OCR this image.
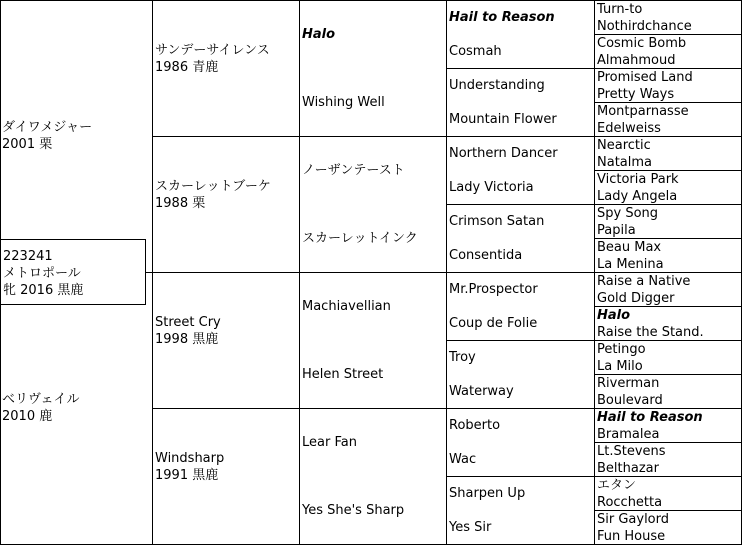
223241
メトロポール
牝 2016 黒鹿
ダイワメジャー
2001 栗
ベリヴェイル
2010 鹿
サンデーサイレンス
1986 青鹿
スカーレットブーケ
1988 栗
Street Cry
1998 黒鹿
Windsharp
1991 黒鹿
Halo
Wishing Well
ノーザンテースト
スカーレットインク
Machiavellian
Helen Street
Lear Fan
Yes She's Sharp
Hail to Reason
Cosmah
Understanding
Mountain Flower
Northern Dancer
Lady Victoria
Crimson Satan
Consentida
Mr.Prospector
Coup de Folie
Troy
Waterway
Roberto
Wac
Sharpen Up
Yes Sir
Turn-to
Nothirdchance
Cosmic Bomb
Almahmoud
Promised Land
Pretty Ways
Montparnasse
Edelweiss
Nearctic
Natalma
Victoria Park
Lady Angela
Spy Song
Papila
Beau Max
La Menina
Raise a Native
Gold Digger
Halo
Raise the Stand.
Petingo
La Milo
Riverman
Boulevard
Hail to Reason
Bramalea
Lt.Stevens
Belthazar
エタン
Rocchetta
Sir Gaylord
Fun House
